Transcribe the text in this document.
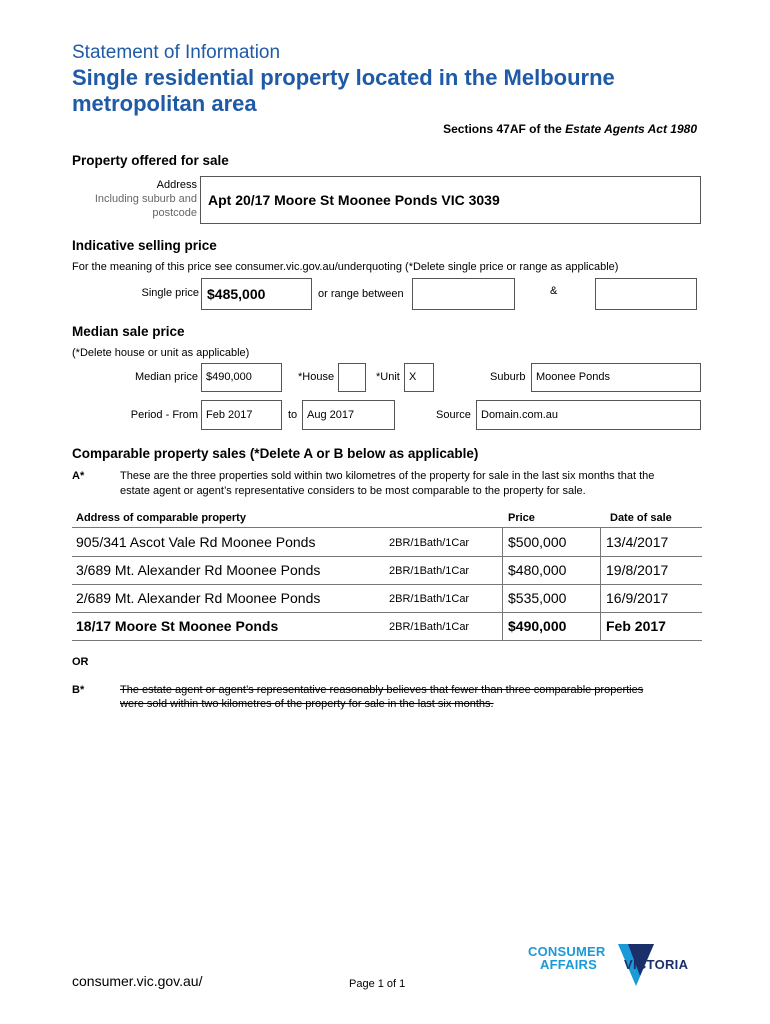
Statement of Information
Single residential property located in the Melbourne
metropolitan area
Sections 47AF of the Estate Agents Act 1980
Property offered for sale
Address
Including suburb and
postcode
Apt 20/17 Moore St Moonee Ponds VIC 3039
Indicative selling price
For the meaning of this price see consumer.vic.gov.au/underquoting (*Delete single price or range as applicable)
Single price $485,000	or range between	&
Median sale price
(*Delete house or unit as applicable)
Median price $490,000	*House	*Unit X	Suburb Moonee Ponds
Period - From Feb 2017	to Aug 2017	Source Domain.com.au
Comparable property sales (*Delete A or B below as applicable)
A*	These are the three properties sold within two kilometres of the property for sale in the last six months that the
estate agent or agent’s representative considers to be most comparable to the property for sale.
Address of comparable property	Price	Date of sale
905/341 Ascot Vale Rd Moonee Ponds	2BR/1Bath/1Car	$500,000	13/4/2017
3/689 Mt. Alexander Rd Moonee Ponds	2BR/1Bath/1Car	$480,000	19/8/2017
2/689 Mt. Alexander Rd Moonee Ponds	2BR/1Bath/1Car	$535,000	16/9/2017
18/17 Moore St Moonee Ponds	2BR/1Bath/1Car	$490,000	Feb 2017
OR
B*	The estate agent or agent’s representative reasonably believes that fewer than three comparable properties
were sold within two kilometres of the property for sale in the last six months.
consumer.vic.gov.au/	Page 1 of 1
CONSUMER
AFFAIRS VICTORIA
